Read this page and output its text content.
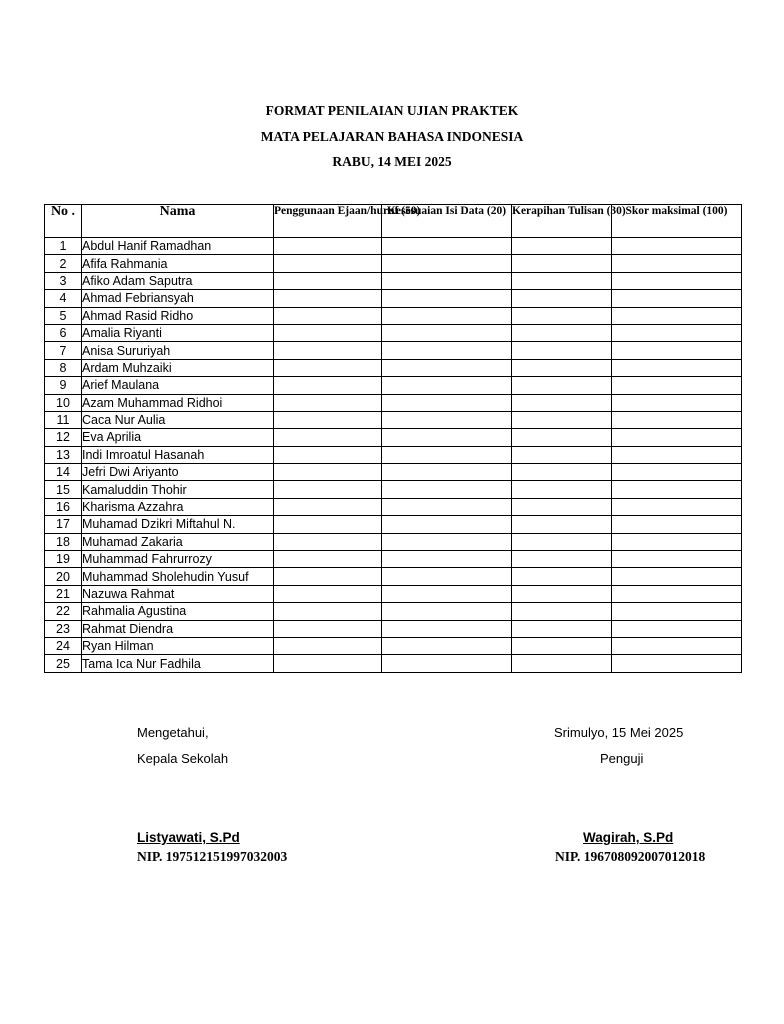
FORMAT PENILAIAN UJIAN PRAKTEK
MATA PELAJARAN BAHASA INDONESIA
RABU, 14 MEI 2025
No .	Nama	Penggunaan Ejaan/huruf (50)	Kesesuaian Isi Data (20)	Kerapihan Tulisan (30)	Skor maksimal (100)
1	Abdul Hanif Ramadhan				
2	Afifa Rahmania				
3	Afiko Adam Saputra				
4	Ahmad Febriansyah				
5	Ahmad Rasid Ridho				
6	Amalia Riyanti				
7	Anisa Sururiyah				
8	Ardam Muhzaiki				
9	Arief Maulana				
10	Azam Muhammad Ridhoi				
11	Caca Nur Aulia				
12	Eva Aprilia				
13	Indi Imroatul Hasanah				
14	Jefri Dwi Ariyanto				
15	Kamaluddin Thohir				
16	Kharisma Azzahra				
17	Muhamad Dzikri Miftahul N.				
18	Muhamad Zakaria				
19	Muhammad Fahrurrozy				
20	Muhammad Sholehudin Yusuf				
21	Nazuwa Rahmat				
22	Rahmalia Agustina				
23	Rahmat Diendra				
24	Ryan Hilman				
25	Tama Ica Nur Fadhila				
Mengetahui,
Kepala Sekolah
Listyawati, S.Pd
NIP. 197512151997032003
Srimulyo, 15 Mei 2025
Penguji
Wagirah, S.Pd
NIP. 196708092007012018
